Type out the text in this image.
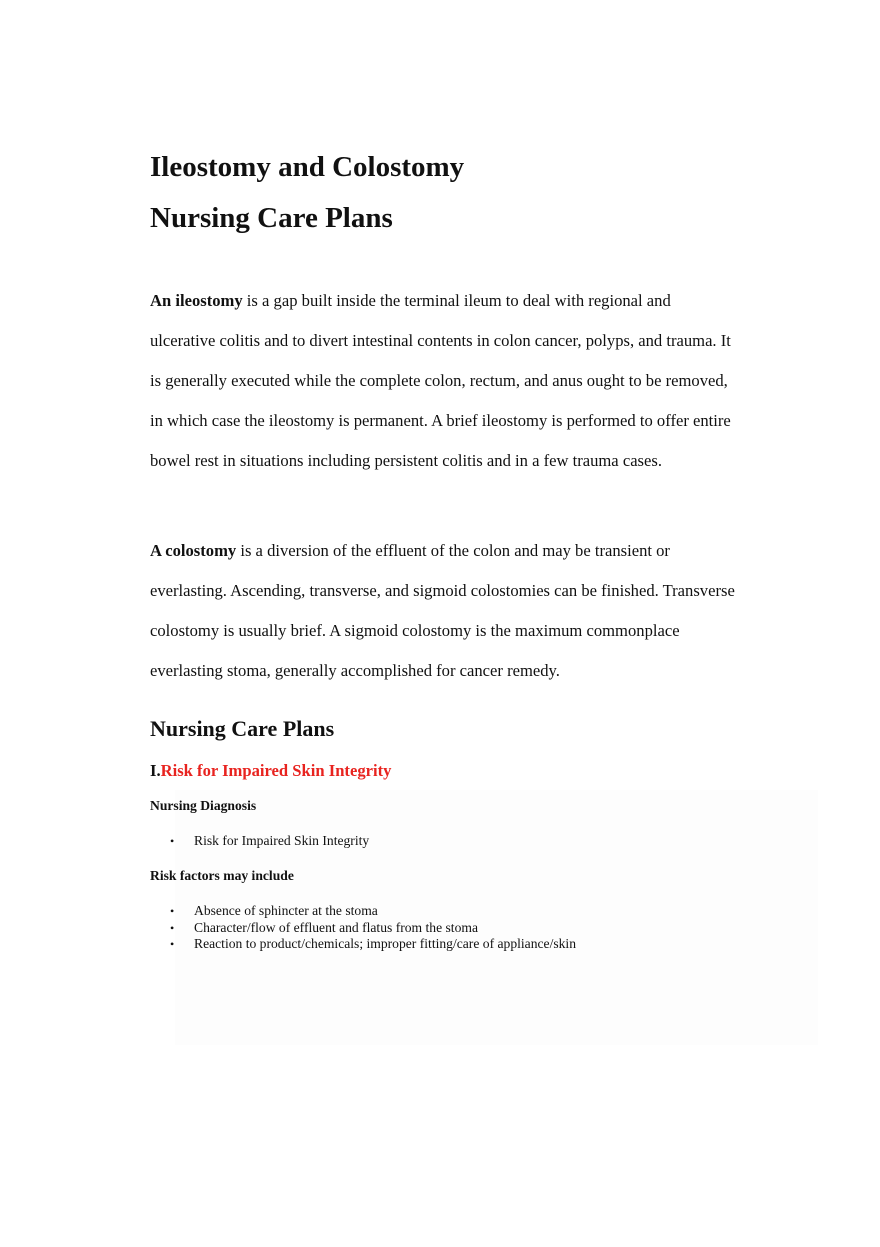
Ileostomy and Colostomy
Nursing Care Plans

An ileostomy is a gap built inside the terminal ileum to deal with regional and ulcerative colitis and to divert intestinal contents in colon cancer, polyps, and trauma. It is generally executed while the complete colon, rectum, and anus ought to be removed, in which case the ileostomy is permanent. A brief ileostomy is performed to offer entire bowel rest in situations including persistent colitis and in a few trauma cases.

A colostomy is a diversion of the effluent of the colon and may be transient or everlasting. Ascending, transverse, and sigmoid colostomies can be finished. Transverse colostomy is usually brief. A sigmoid colostomy is the maximum commonplace everlasting stoma, generally accomplished for cancer remedy.

Nursing Care Plans
I.Risk for Impaired Skin Integrity
Nursing Diagnosis
• Risk for Impaired Skin Integrity
Risk factors may include
• Absence of sphincter at the stoma
• Character/flow of effluent and flatus from the stoma
• Reaction to product/chemicals; improper fitting/care of appliance/skin
